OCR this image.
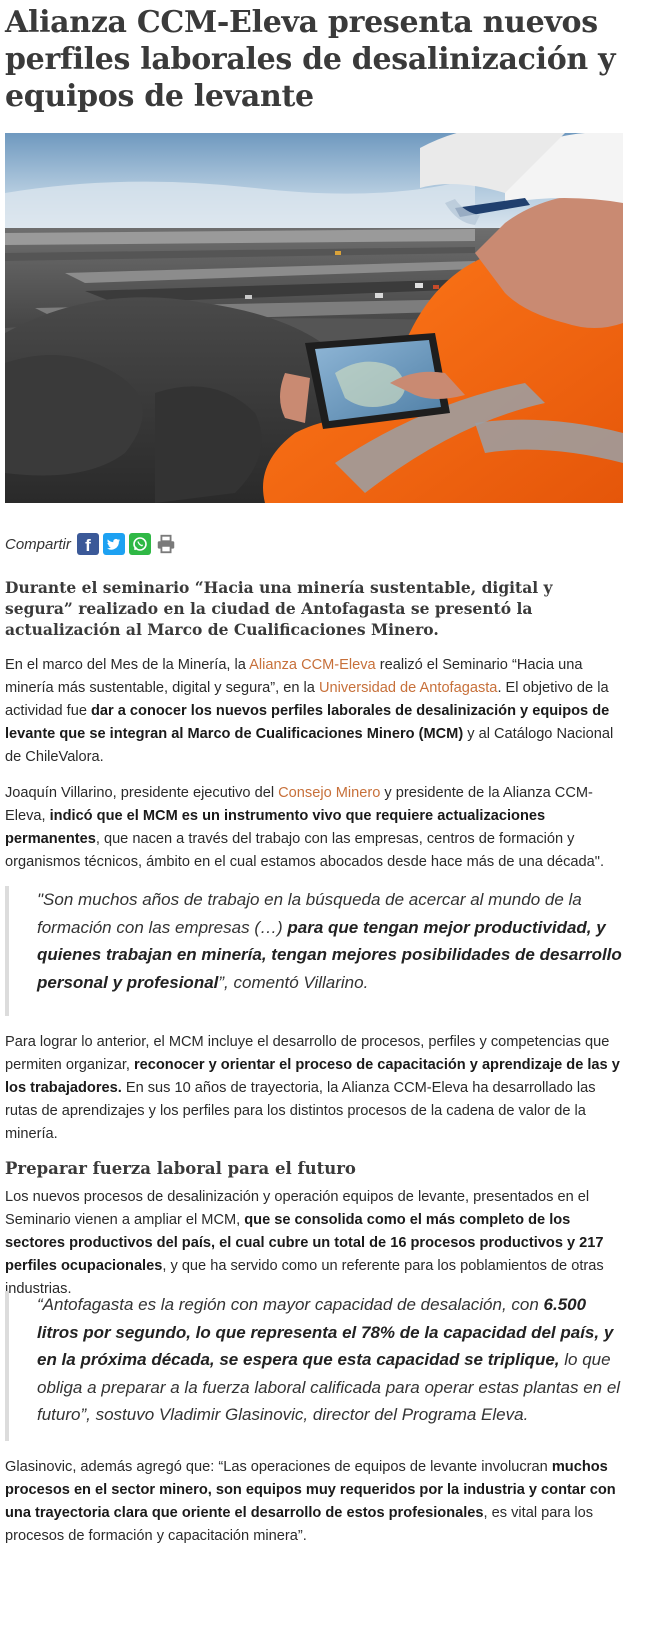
Alianza CCM-Eleva presenta nuevos perfiles laborales de desalinización y equipos de levante
Compartir f

Durante el seminario “Hacia una minería sustentable, digital y segura” realizado en la ciudad de Antofagasta se presentó la actualización al Marco de Cualificaciones Minero.

En el marco del Mes de la Minería, la Alianza CCM-Eleva realizó el Seminario “Hacia una minería más sustentable, digital y segura”, en la Universidad de Antofagasta. El objetivo de la actividad fue dar a conocer los nuevos perfiles laborales de desalinización y equipos de levante que se integran al Marco de Cualificaciones Minero (MCM) y al Catálogo Nacional de ChileValora.

Joaquín Villarino, presidente ejecutivo del Consejo Minero y presidente de la Alianza CCM-Eleva, indicó que el MCM es un instrumento vivo que requiere actualizaciones permanentes, que nacen a través del trabajo con las empresas, centros de formación y organismos técnicos, ámbito en el cual estamos abocados desde hace más de una década".

"Son muchos años de trabajo en la búsqueda de acercar al mundo de la formación con las empresas (…) para que tengan mejor productividad, y quienes trabajan en minería, tengan mejores posibilidades de desarrollo personal y profesional”, comentó Villarino.

Para lograr lo anterior, el MCM incluye el desarrollo de procesos, perfiles y competencias que permiten organizar, reconocer y orientar el proceso de capacitación y aprendizaje de las y los trabajadores. En sus 10 años de trayectoria, la Alianza CCM-Eleva ha desarrollado las rutas de aprendizajes y los perfiles para los distintos procesos de la cadena de valor de la minería.

Preparar fuerza laboral para el futuro

Los nuevos procesos de desalinización y operación equipos de levante, presentados en el Seminario vienen a ampliar el MCM, que se consolida como el más completo de los sectores productivos del país, el cual cubre un total de 16 procesos productivos y 217 perfiles ocupacionales, y que ha servido como un referente para los poblamientos de otras industrias.

“Antofagasta es la región con mayor capacidad de desalación, con 6.500 litros por segundo, lo que representa el 78% de la capacidad del país, y en la próxima década, se espera que esta capacidad se triplique, lo que obliga a preparar a la fuerza laboral calificada para operar estas plantas en el futuro”, sostuvo Vladimir Glasinovic, director del Programa Eleva.

Glasinovic, además agregó que: “Las operaciones de equipos de levante involucran muchos procesos en el sector minero, son equipos muy requeridos por la industria y contar con una trayectoria clara que oriente el desarrollo de estos profesionales, es vital para los procesos de formación y capacitación minera”.
